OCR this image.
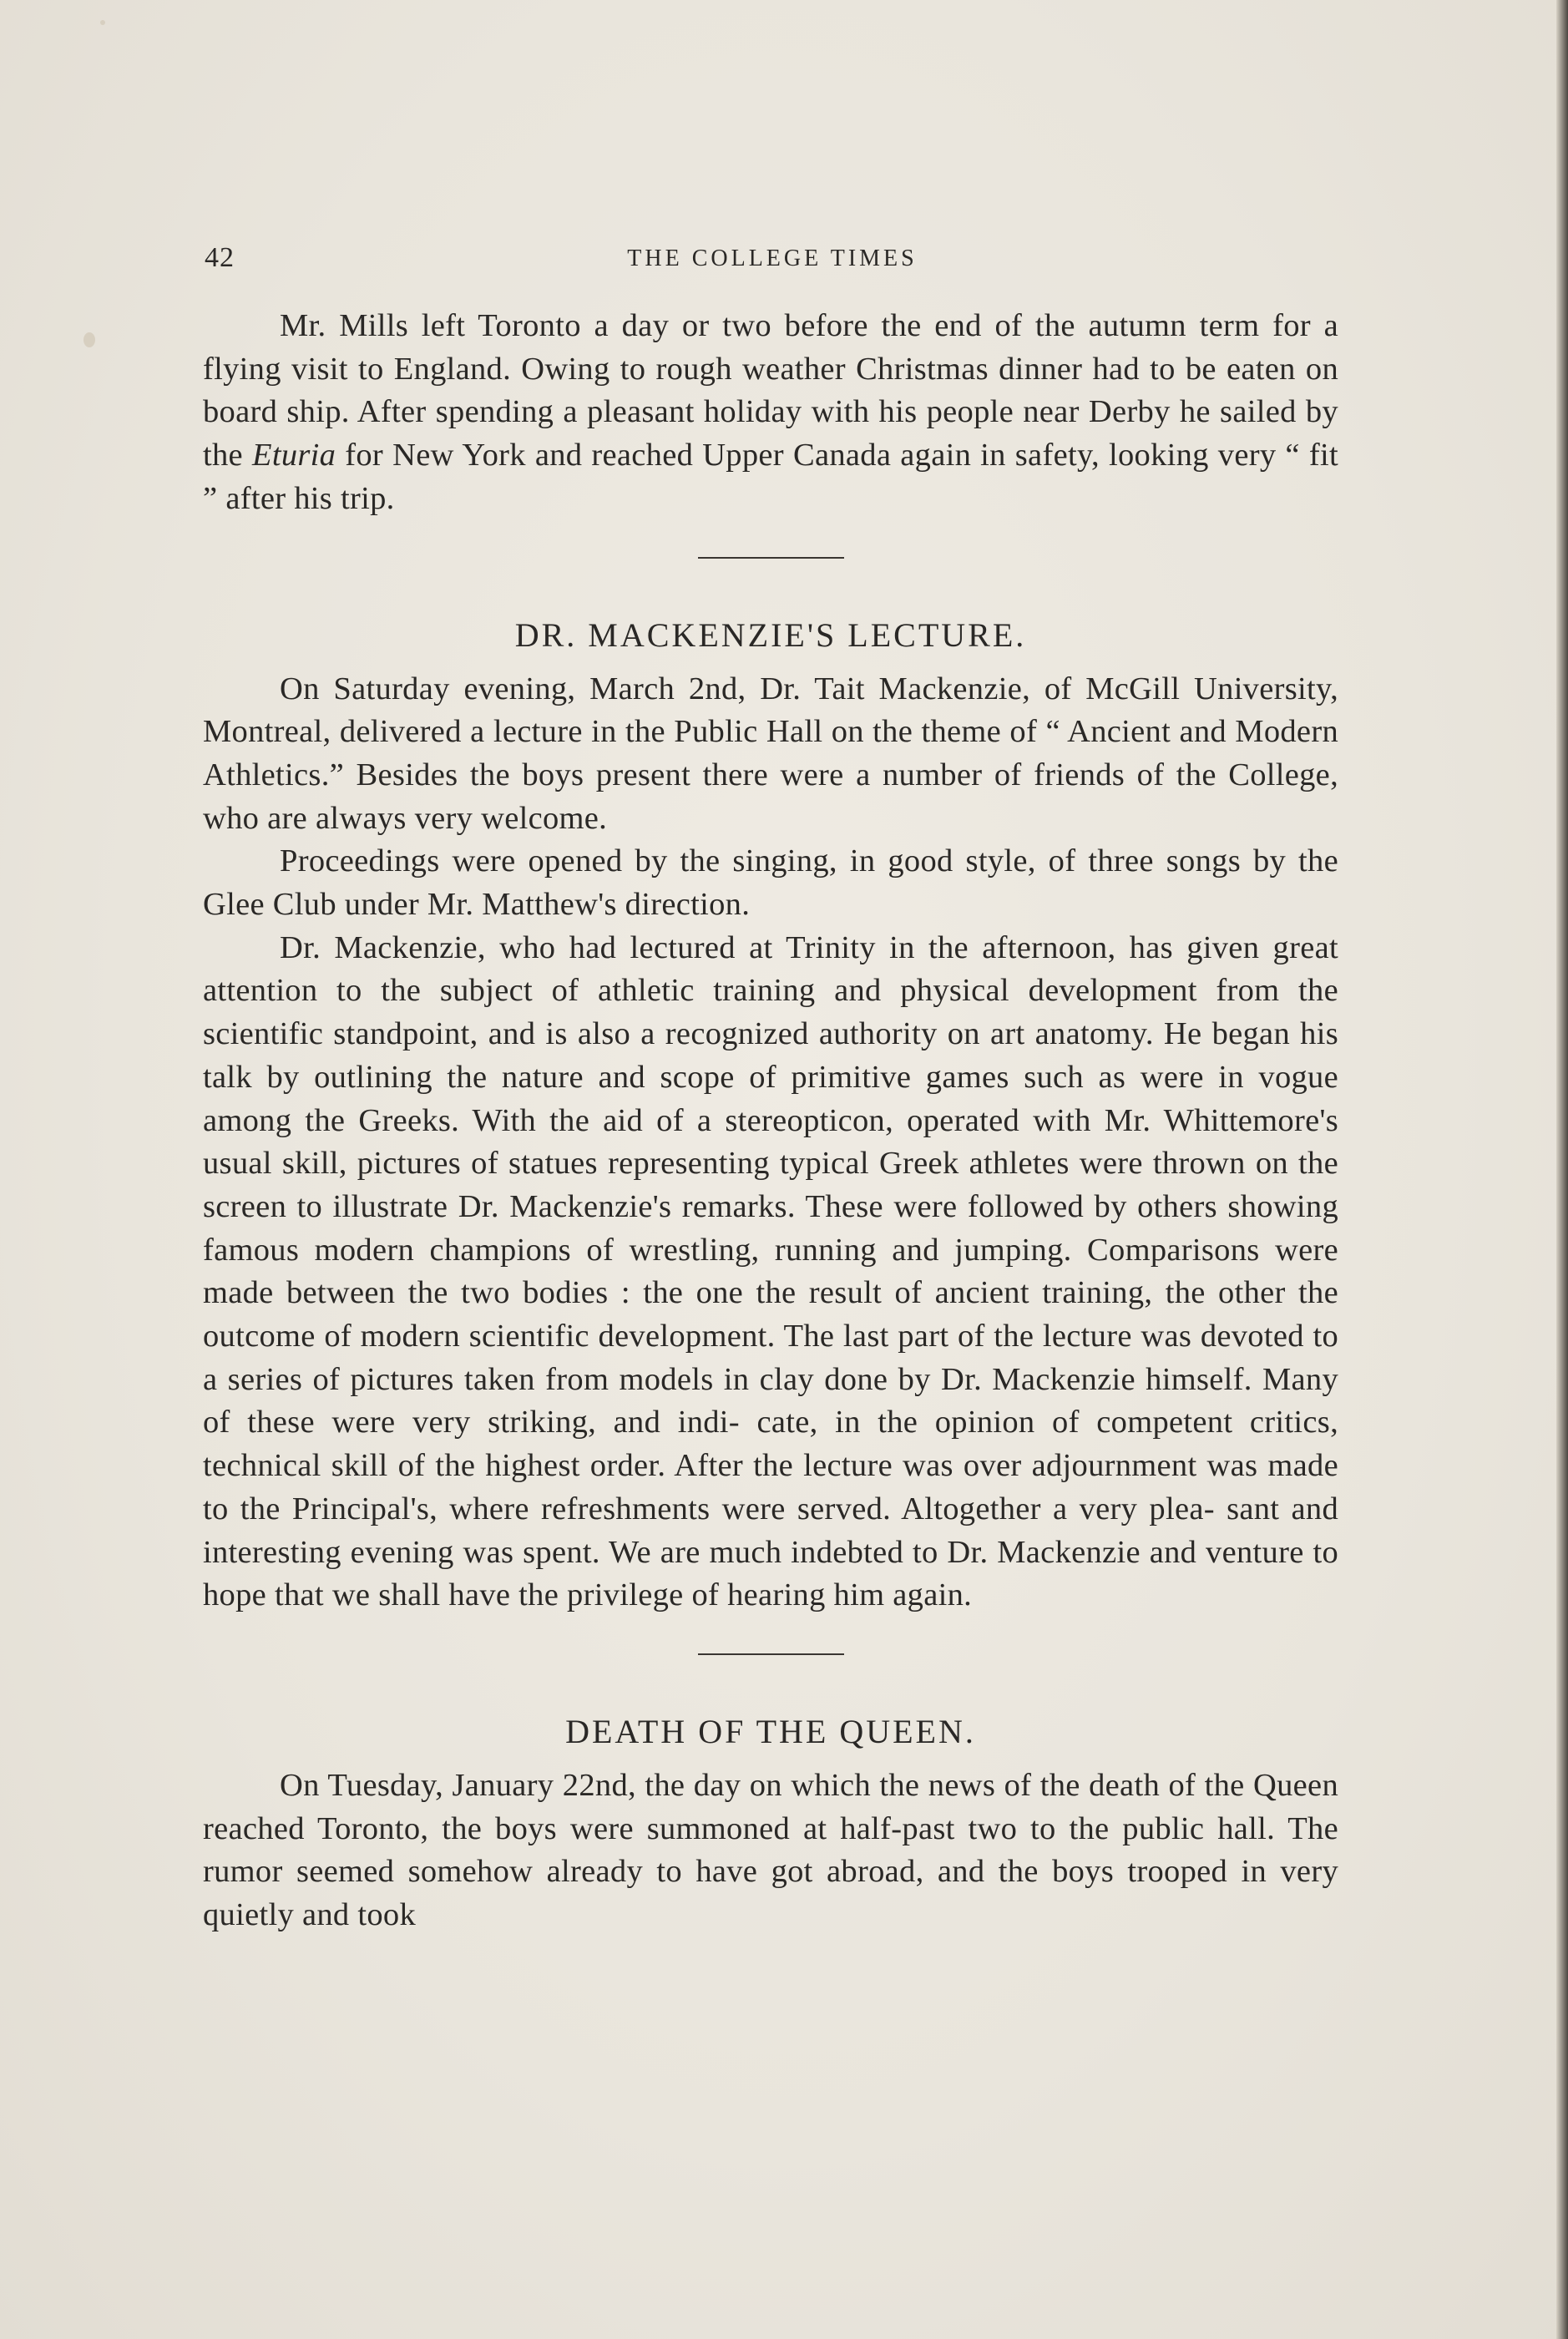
42	THE COLLEGE TIMES

Mr. Mills left Toronto a day or two before the end of the autumn term for a flying visit to England. Owing to rough weather Christmas dinner had to be eaten on board ship. After spending a pleasant holiday with his people near Derby he sailed by the Eturia for New York and reached Upper Canada again in safety, looking very “ fit ” after his trip.

DR. MACKENZIE'S LECTURE.

On Saturday evening, March 2nd, Dr. Tait Mackenzie, of McGill University, Montreal, delivered a lecture in the Public Hall on the theme of “ Ancient and Modern Athletics.” Besides the boys present there were a number of friends of the College, who are always very welcome.

Proceedings were opened by the singing, in good style, of three songs by the Glee Club under Mr. Matthew's direction.

Dr. Mackenzie, who had lectured at Trinity in the afternoon, has given great attention to the subject of athletic training and physical development from the scientific standpoint, and is also a recognized authority on art anatomy. He began his talk by outlining the nature and scope of primitive games such as were in vogue among the Greeks. With the aid of a stereopticon, operated with Mr. Whittemore's usual skill, pictures of statues representing typical Greek athletes were thrown on the screen to illustrate Dr. Mackenzie's remarks. These were followed by others showing famous modern champions of wrestling, running and jumping. Comparisons were made between the two bodies : the one the result of ancient training, the other the outcome of modern scientific development. The last part of the lecture was devoted to a series of pictures taken from models in clay done by Dr. Mackenzie himself. Many of these were very striking, and indi- cate, in the opinion of competent critics, technical skill of the highest order. After the lecture was over adjournment was made to the Principal's, where refreshments were served. Altogether a very plea- sant and interesting evening was spent. We are much indebted to Dr. Mackenzie and venture to hope that we shall have the privilege of hearing him again.

DEATH OF THE QUEEN.

On Tuesday, January 22nd, the day on which the news of the death of the Queen reached Toronto, the boys were summoned at half-past two to the public hall. The rumor seemed somehow already to have got abroad, and the boys trooped in very quietly and took
